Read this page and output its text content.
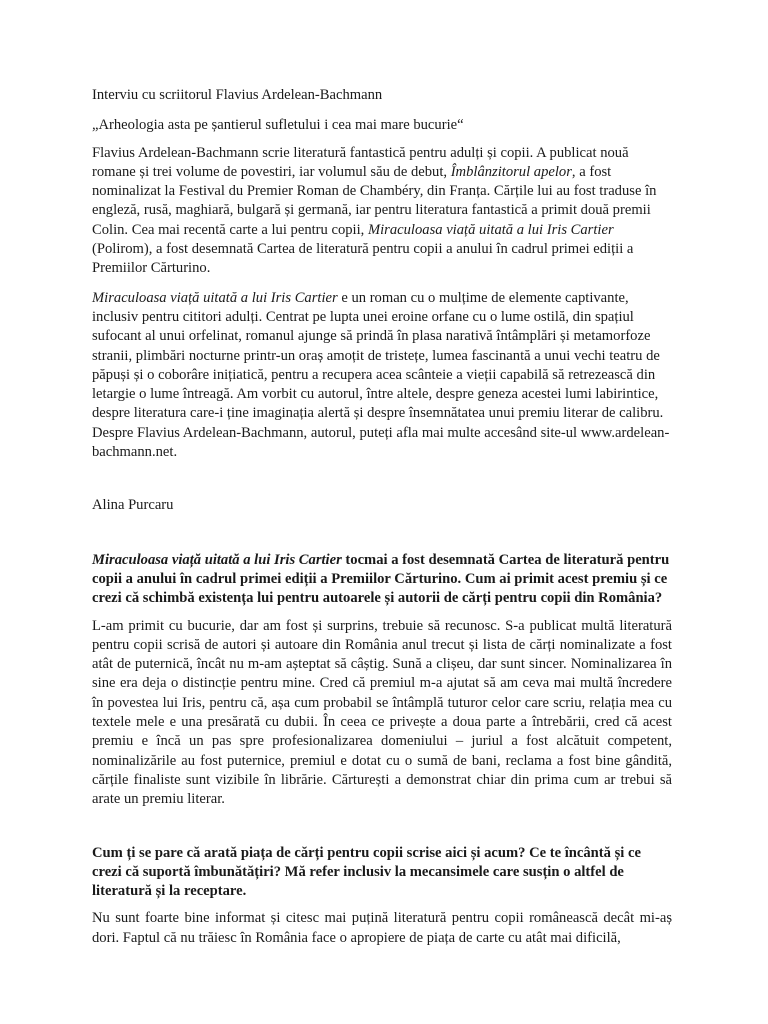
Interviu cu scriitorul Flavius Ardelean-Bachmann

„Arheologia asta pe șantierul sufletului i cea mai mare bucurie“

Flavius Ardelean-Bachmann scrie literatură fantastică pentru adulți și copii. A publicat nouă romane și trei volume de povestiri, iar volumul său de debut, Îmblânzitorul apelor, a fost nominalizat la Festival du Premier Roman de Chambéry, din Franța. Cărțile lui au fost traduse în engleză, rusă, maghiară, bulgară și germană, iar pentru literatura fantastică a primit două premii Colin. Cea mai recentă carte a lui pentru copii, Miraculoasa viață uitată a lui Iris Cartier (Polirom), a fost desemnată Cartea de literatură pentru copii a anului în cadrul primei ediții a Premiilor Cărturino.

Miraculoasa viață uitată a lui Iris Cartier e un roman cu o mulțime de elemente captivante, inclusiv pentru cititori adulți. Centrat pe lupta unei eroine orfane cu o lume ostilă, din spațiul sufocant al unui orfelinat, romanul ajunge să prindă în plasa narativă întâmplări și metamorfoze stranii, plimbări nocturne printr-un oraș amoțit de tristețe, lumea fascinantă a unui vechi teatru de păpuși și o coborâre inițiatică, pentru a recupera acea scânteie a vieții capabilă să retrezească din letargie o lume întreagă. Am vorbit cu autorul, între altele, despre geneza acestei lumi labirintice, despre literatura care-i ține imaginația alertă și despre însemnătatea unui premiu literar de calibru. Despre Flavius Ardelean-Bachmann, autorul, puteți afla mai multe accesând site-ul www.ardelean-bachmann.net.

Alina Purcaru

Miraculoasa viață uitată a lui Iris Cartier tocmai a fost desemnată Cartea de literatură pentru copii a anului în cadrul primei ediții a Premiilor Cărturino. Cum ai primit acest premiu și ce crezi că schimbă existența lui pentru autoarele și autorii de cărți pentru copii din România?

L-am primit cu bucurie, dar am fost și surprins, trebuie să recunosc. S-a publicat multă literatură pentru copii scrisă de autori și autoare din România anul trecut și lista de cărți nominalizate a fost atât de puternică, încât nu m-am așteptat să câștig. Sună a clișeu, dar sunt sincer. Nominalizarea în sine era deja o distincție pentru mine. Cred că premiul m-a ajutat să am ceva mai multă încredere în povestea lui Iris, pentru că, așa cum probabil se întâmplă tuturor celor care scriu, relația mea cu textele mele e una presărată cu dubii. În ceea ce privește a doua parte a întrebării, cred că acest premiu e încă un pas spre profesionalizarea domeniului – juriul a fost alcătuit competent, nominalizările au fost puternice, premiul e dotat cu o sumă de bani, reclama a fost bine gândită, cărțile finaliste sunt vizibile în librărie. Cărturești a demonstrat chiar din prima cum ar trebui să arate un premiu literar.

Cum ți se pare că arată piața de cărți pentru copii scrise aici și acum? Ce te încântă și ce crezi că suportă îmbunătățiri? Mă refer inclusiv la mecansimele care susțin o altfel de literatură și la receptare.

Nu sunt foarte bine informat și citesc mai puțină literatură pentru copii românească decât mi-aș dori. Faptul că nu trăiesc în România face o apropiere de piața de carte cu atât mai dificilă,
